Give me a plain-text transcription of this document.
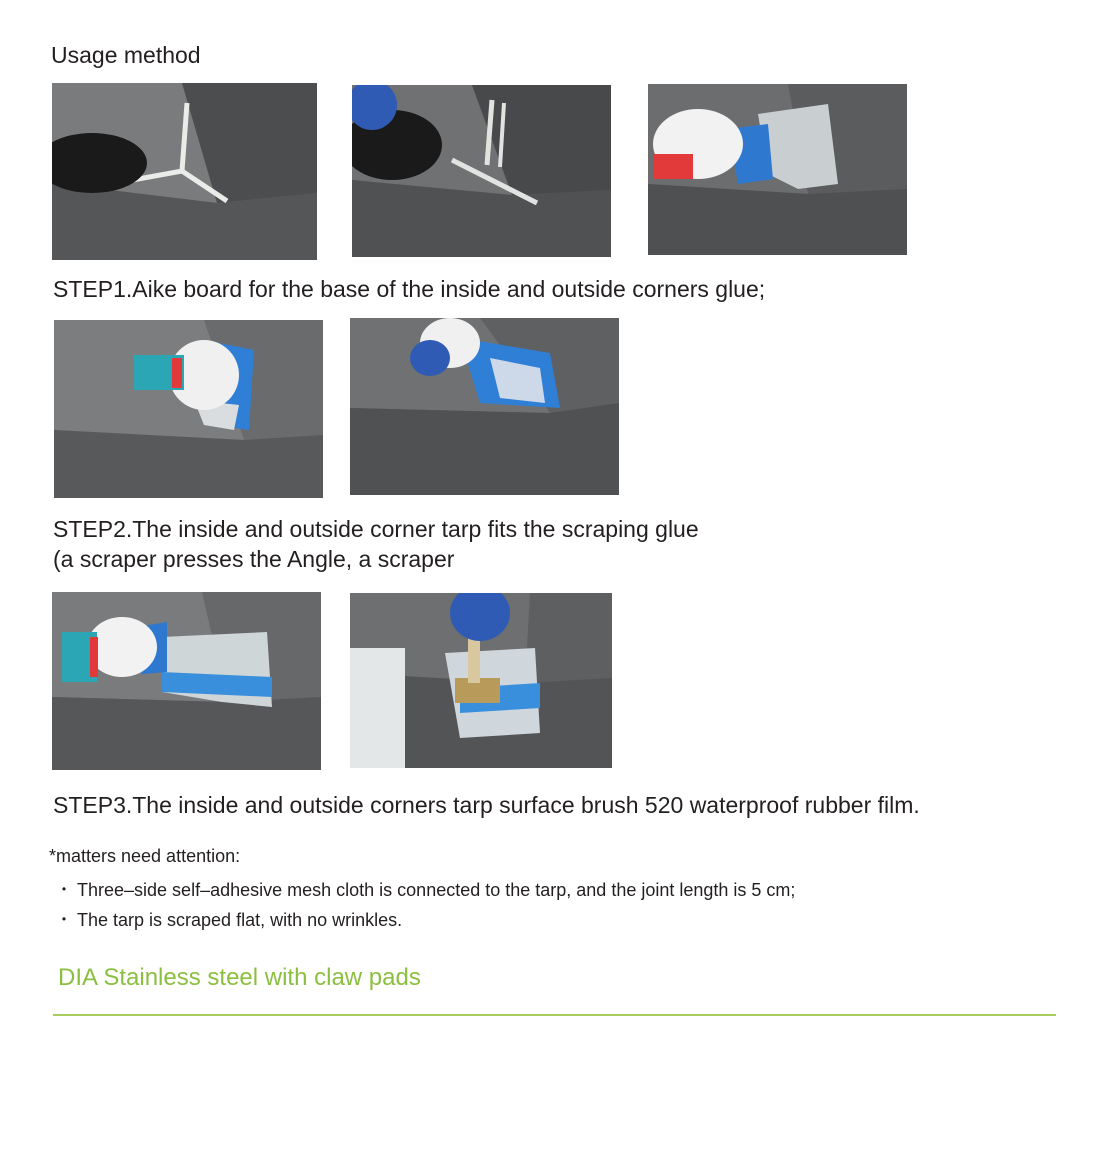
Usage method
STEP1.Aike board for the base of the inside and outside corners glue;
STEP2.The inside and outside corner tarp fits the scraping glue
(a scraper presses the Angle, a scraper
STEP3.The inside and outside corners tarp surface brush 520 waterproof rubber film.
*matters need attention:
・ Three–side self–adhesive mesh cloth is connected to the tarp, and the joint length is 5 cm;
・ The tarp is scraped flat, with no wrinkles.
DIA Stainless steel with claw pads
